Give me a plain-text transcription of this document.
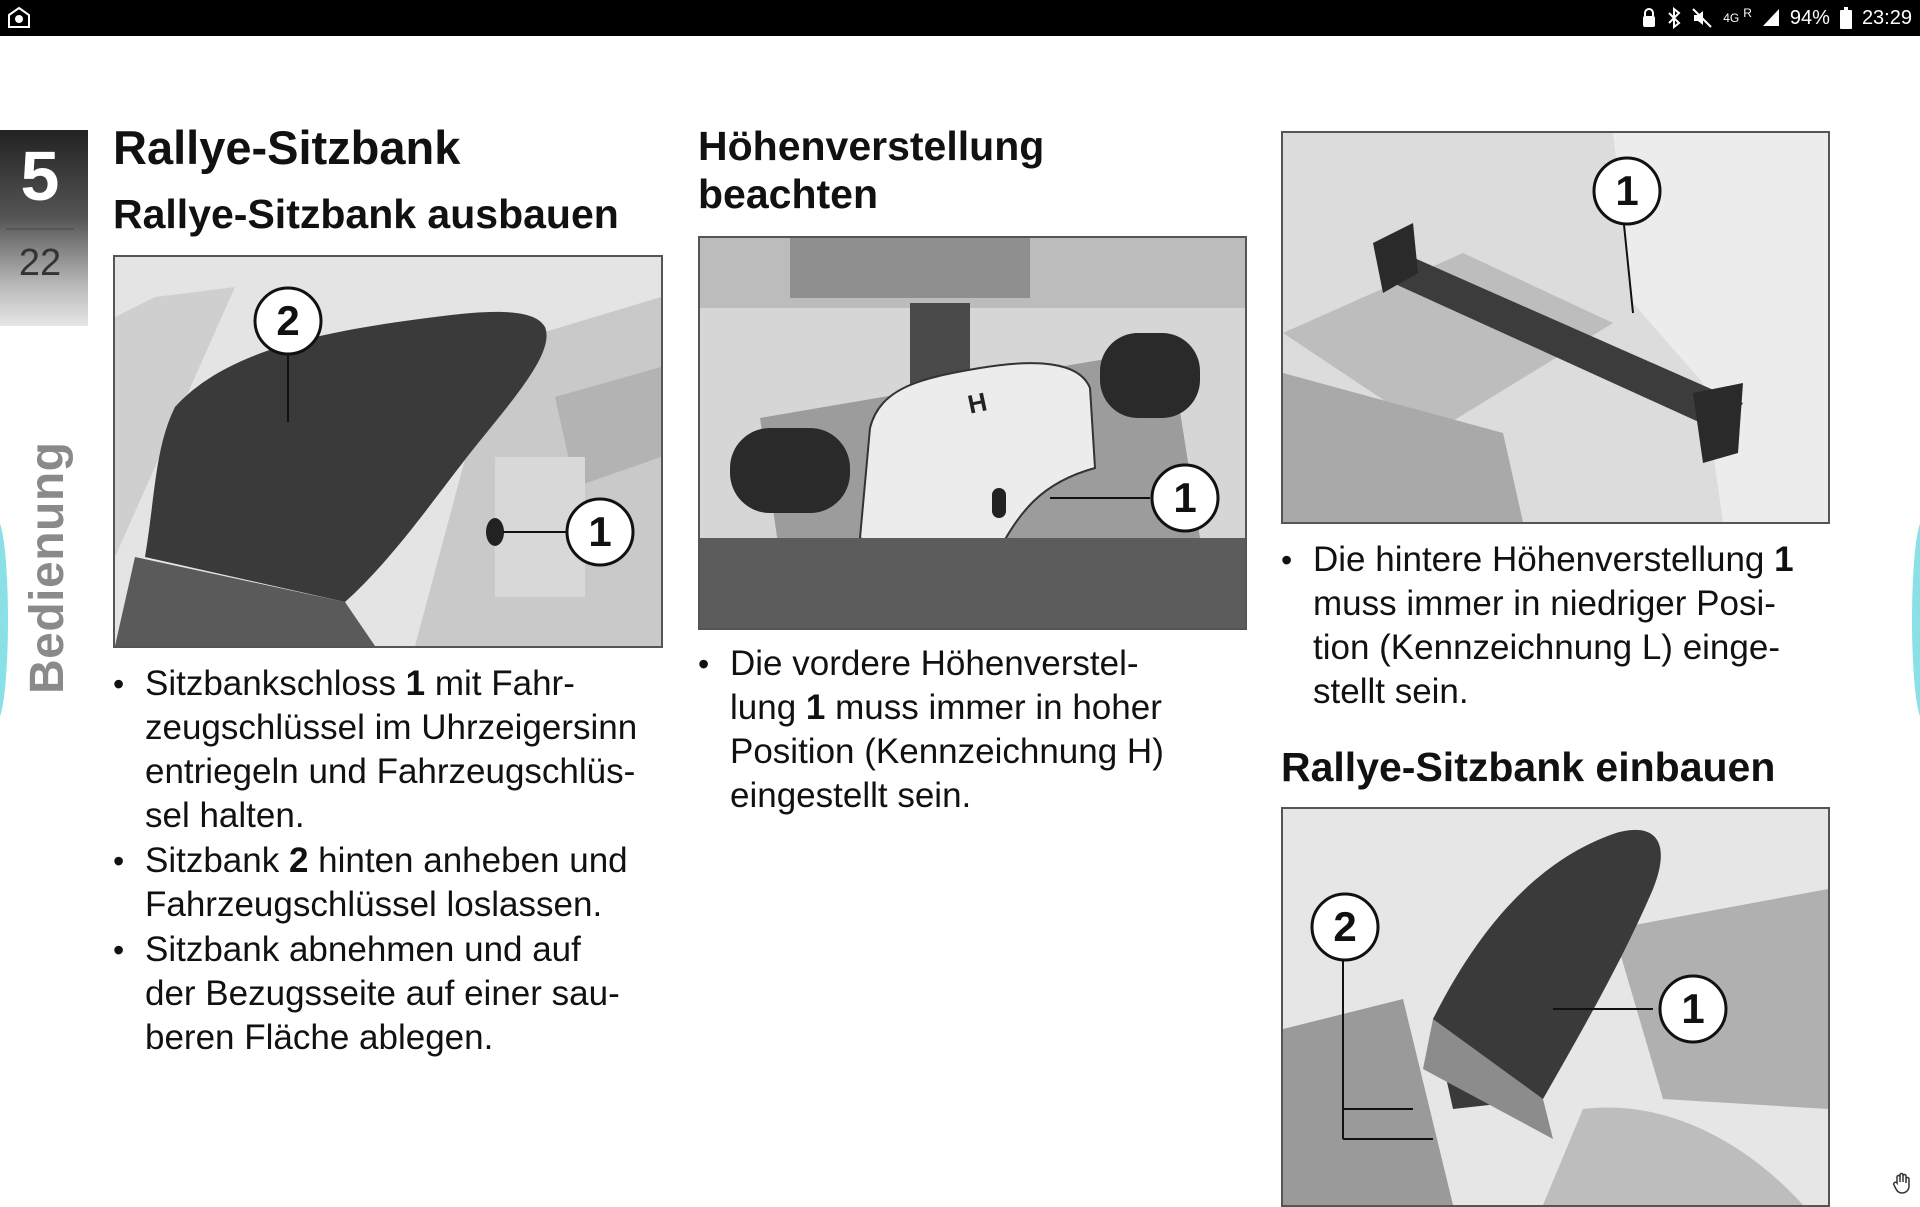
4G R 94% 23:29
5
22
Bedienung
Rallye-Sitzbank
Rallye-Sitzbank ausbauen
2
1
• Sitzbankschloss 1 mit Fahr-
zeugschlüssel im Uhrzeigersinn
entriegeln und Fahrzeugschlüs-
sel halten.
• Sitzbank 2 hinten anheben und
Fahrzeugschlüssel loslassen.
• Sitzbank abnehmen und auf
der Bezugsseite auf einer sau-
beren Fläche ablegen.
Höhenverstellung
beachten
H
1
• Die vordere Höhenverstel-
lung 1 muss immer in hoher
Position (Kennzeichnung H)
eingestellt sein.
1
• Die hintere Höhenverstellung 1
muss immer in niedriger Posi-
tion (Kennzeichnung L) einge-
stellt sein.
Rallye-Sitzbank einbauen
2
1
